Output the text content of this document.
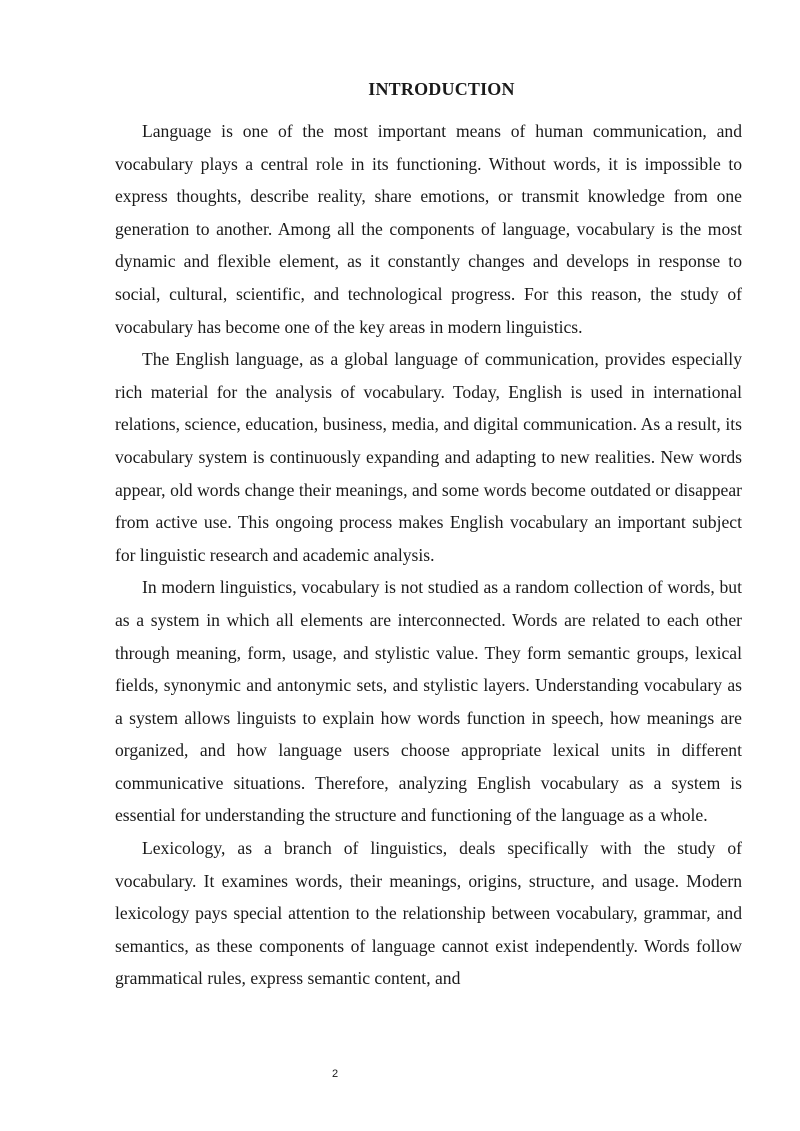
INTRODUCTION

Language is one of the most important means of human communication, and vocabulary plays a central role in its functioning. Without words, it is impossible to express thoughts, describe reality, share emotions, or transmit knowledge from one generation to another. Among all the components of language, vocabulary is the most dynamic and flexible element, as it constantly changes and develops in response to social, cultural, scientific, and technological progress. For this reason, the study of vocabulary has become one of the key areas in modern linguistics.

The English language, as a global language of communication, provides especially rich material for the analysis of vocabulary. Today, English is used in international relations, science, education, business, media, and digital communication. As a result, its vocabulary system is continuously expanding and adapting to new realities. New words appear, old words change their meanings, and some words become outdated or disappear from active use. This ongoing process makes English vocabulary an important subject for linguistic research and academic analysis.

In modern linguistics, vocabulary is not studied as a random collection of words, but as a system in which all elements are interconnected. Words are related to each other through meaning, form, usage, and stylistic value. They form semantic groups, lexical fields, synonymic and antonymic sets, and stylistic layers. Understanding vocabulary as a system allows linguists to explain how words function in speech, how meanings are organized, and how language users choose appropriate lexical units in different communicative situations. Therefore, analyzing English vocabulary as a system is essential for understanding the structure and functioning of the language as a whole.

Lexicology, as a branch of linguistics, deals specifically with the study of vocabulary. It examines words, their meanings, origins, structure, and usage. Modern lexicology pays special attention to the relationship between vocabulary, grammar, and semantics, as these components of language cannot exist independently. Words follow grammatical rules, express semantic content, and

2
